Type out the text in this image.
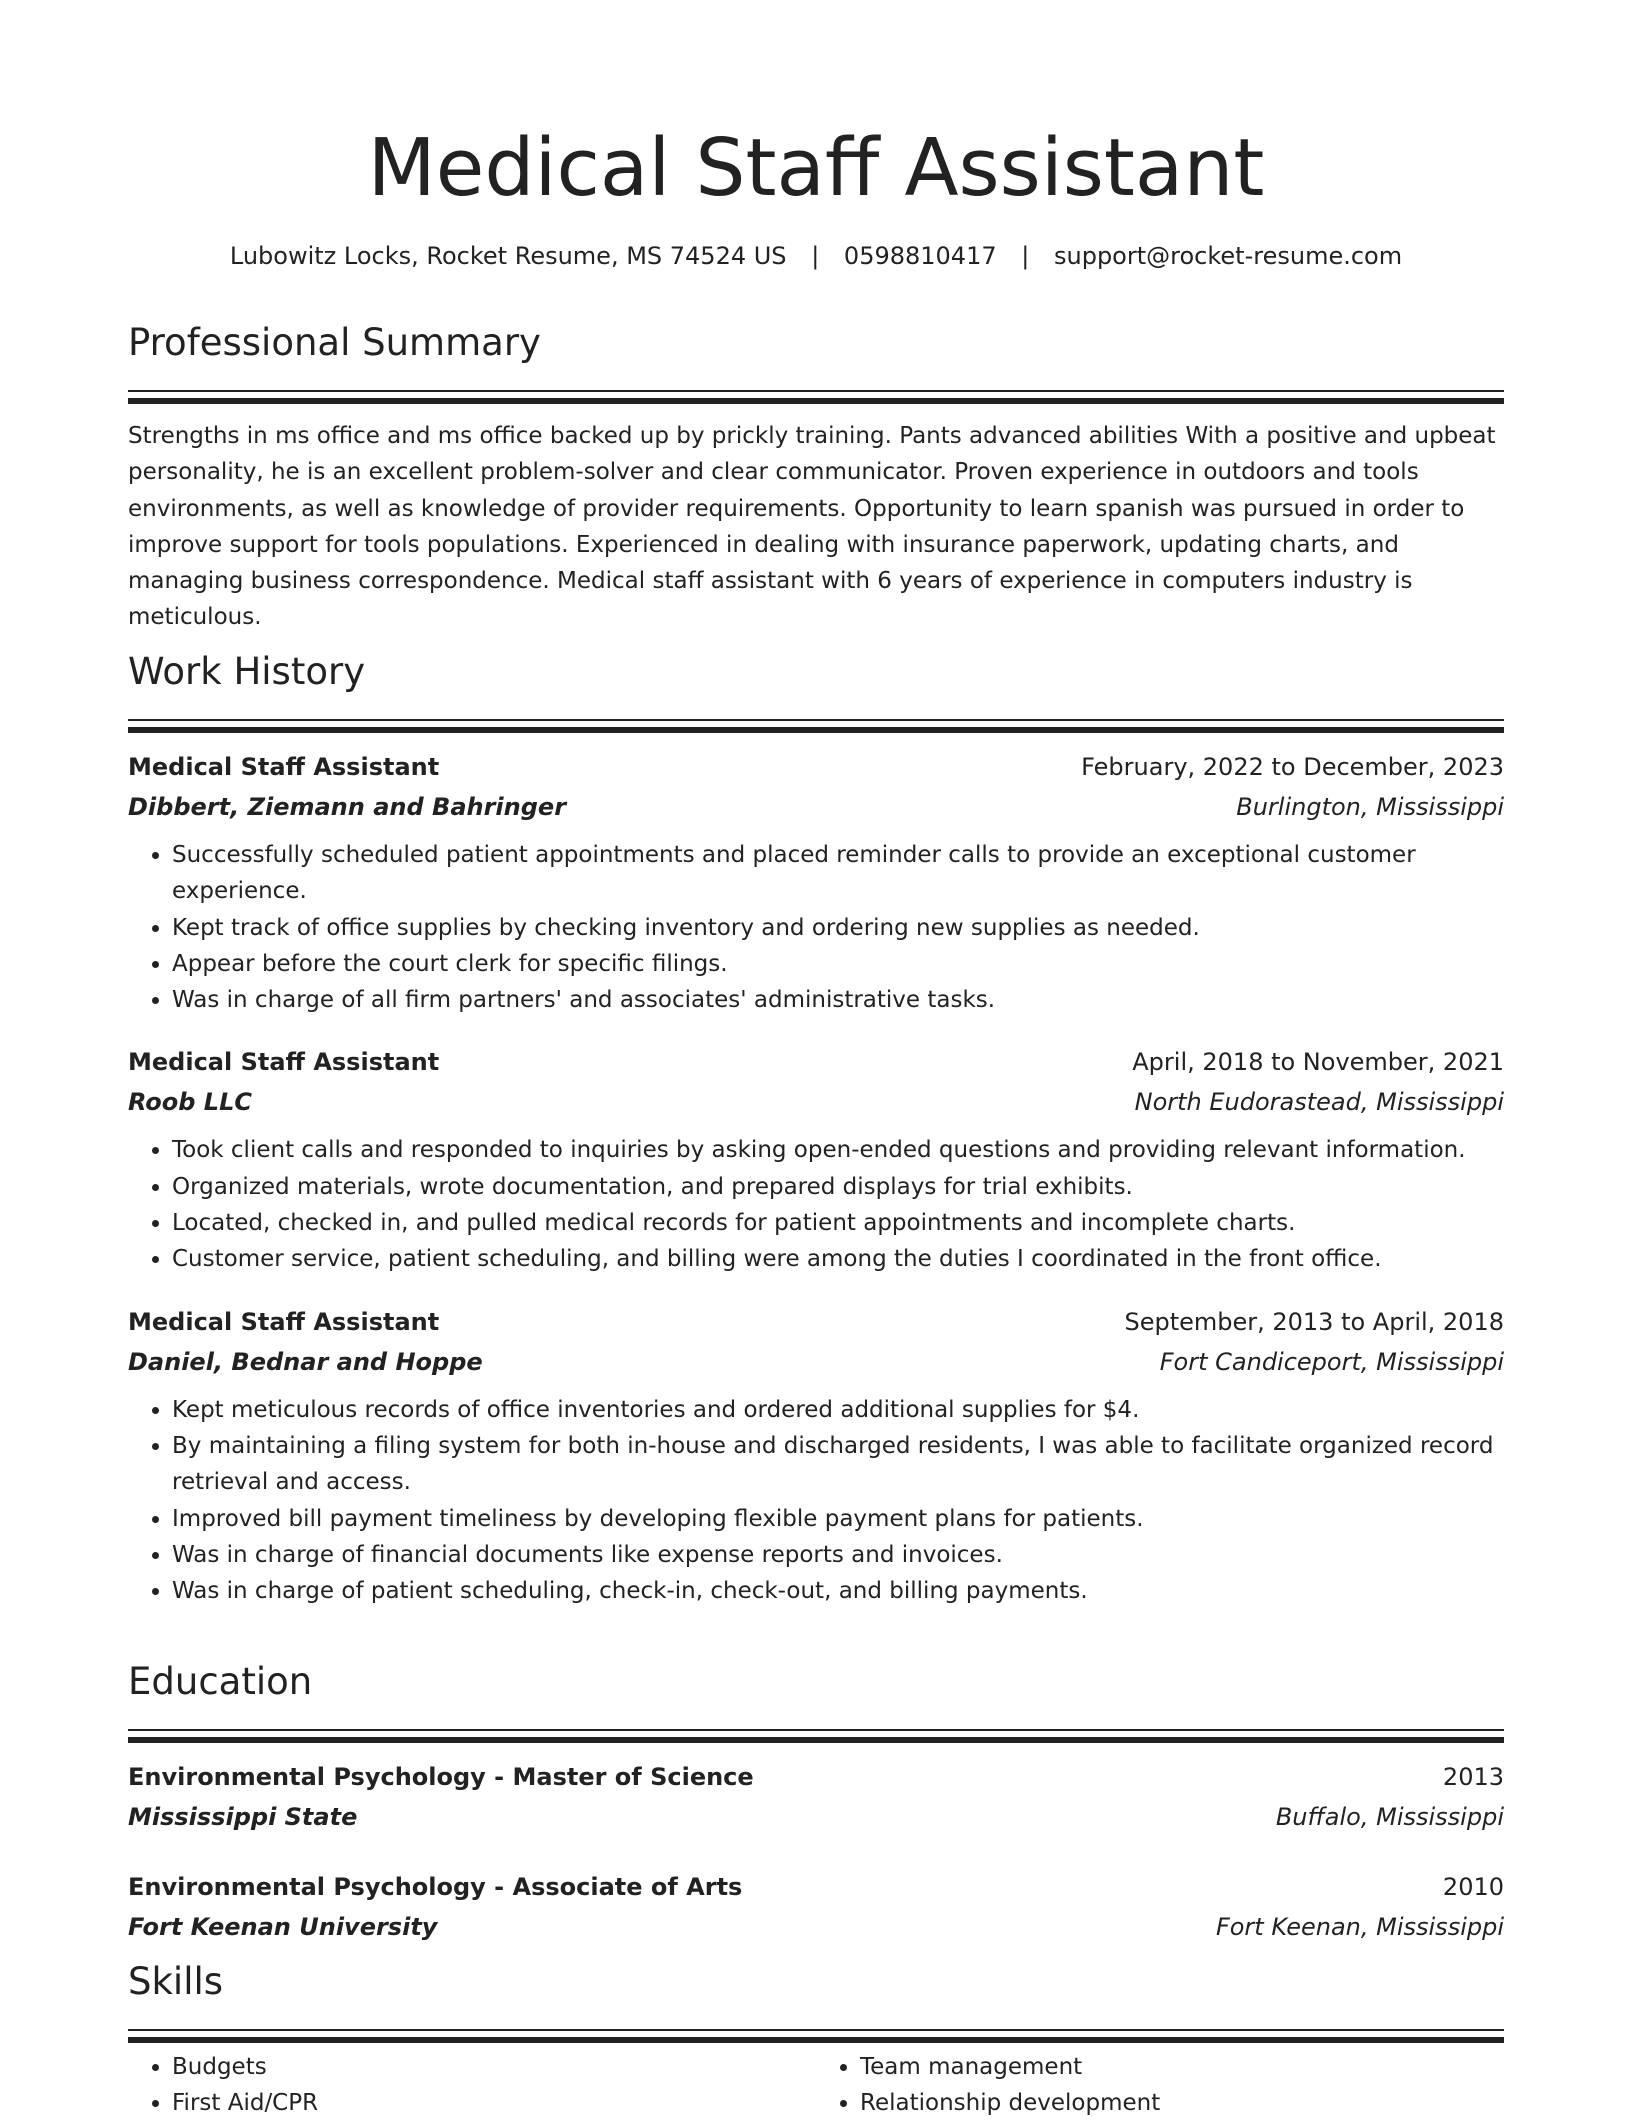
Medical Staff Assistant
Lubowitz Locks, Rocket Resume, MS 74524 US | 0598810417 | support@rocket-resume.com
Professional Summary
Strengths in ms office and ms office backed up by prickly training. Pants advanced abilities With a positive and upbeat personality, he is an excellent problem-solver and clear communicator. Proven experience in outdoors and tools environments, as well as knowledge of provider requirements. Opportunity to learn spanish was pursued in order to improve support for tools populations. Experienced in dealing with insurance paperwork, updating charts, and managing business correspondence. Medical staff assistant with 6 years of experience in computers industry is meticulous.
Work History
Medical Staff Assistant	February, 2022 to December, 2023
Dibbert, Ziemann and Bahringer	Burlington, Mississippi
• Successfully scheduled patient appointments and placed reminder calls to provide an exceptional customer experience.
• Kept track of office supplies by checking inventory and ordering new supplies as needed.
• Appear before the court clerk for specific filings.
• Was in charge of all firm partners' and associates' administrative tasks.
Medical Staff Assistant	April, 2018 to November, 2021
Roob LLC	North Eudorastead, Mississippi
• Took client calls and responded to inquiries by asking open-ended questions and providing relevant information.
• Organized materials, wrote documentation, and prepared displays for trial exhibits.
• Located, checked in, and pulled medical records for patient appointments and incomplete charts.
• Customer service, patient scheduling, and billing were among the duties I coordinated in the front office.
Medical Staff Assistant	September, 2013 to April, 2018
Daniel, Bednar and Hoppe	Fort Candiceport, Mississippi
• Kept meticulous records of office inventories and ordered additional supplies for $4.
• By maintaining a filing system for both in-house and discharged residents, I was able to facilitate organized record retrieval and access.
• Improved bill payment timeliness by developing flexible payment plans for patients.
• Was in charge of financial documents like expense reports and invoices.
• Was in charge of patient scheduling, check-in, check-out, and billing payments.
Education
Environmental Psychology - Master of Science	2013
Mississippi State	Buffalo, Mississippi
Environmental Psychology - Associate of Arts	2010
Fort Keenan University	Fort Keenan, Mississippi
Skills
• Budgets
• First Aid/CPR
• Team management
• Relationship development
